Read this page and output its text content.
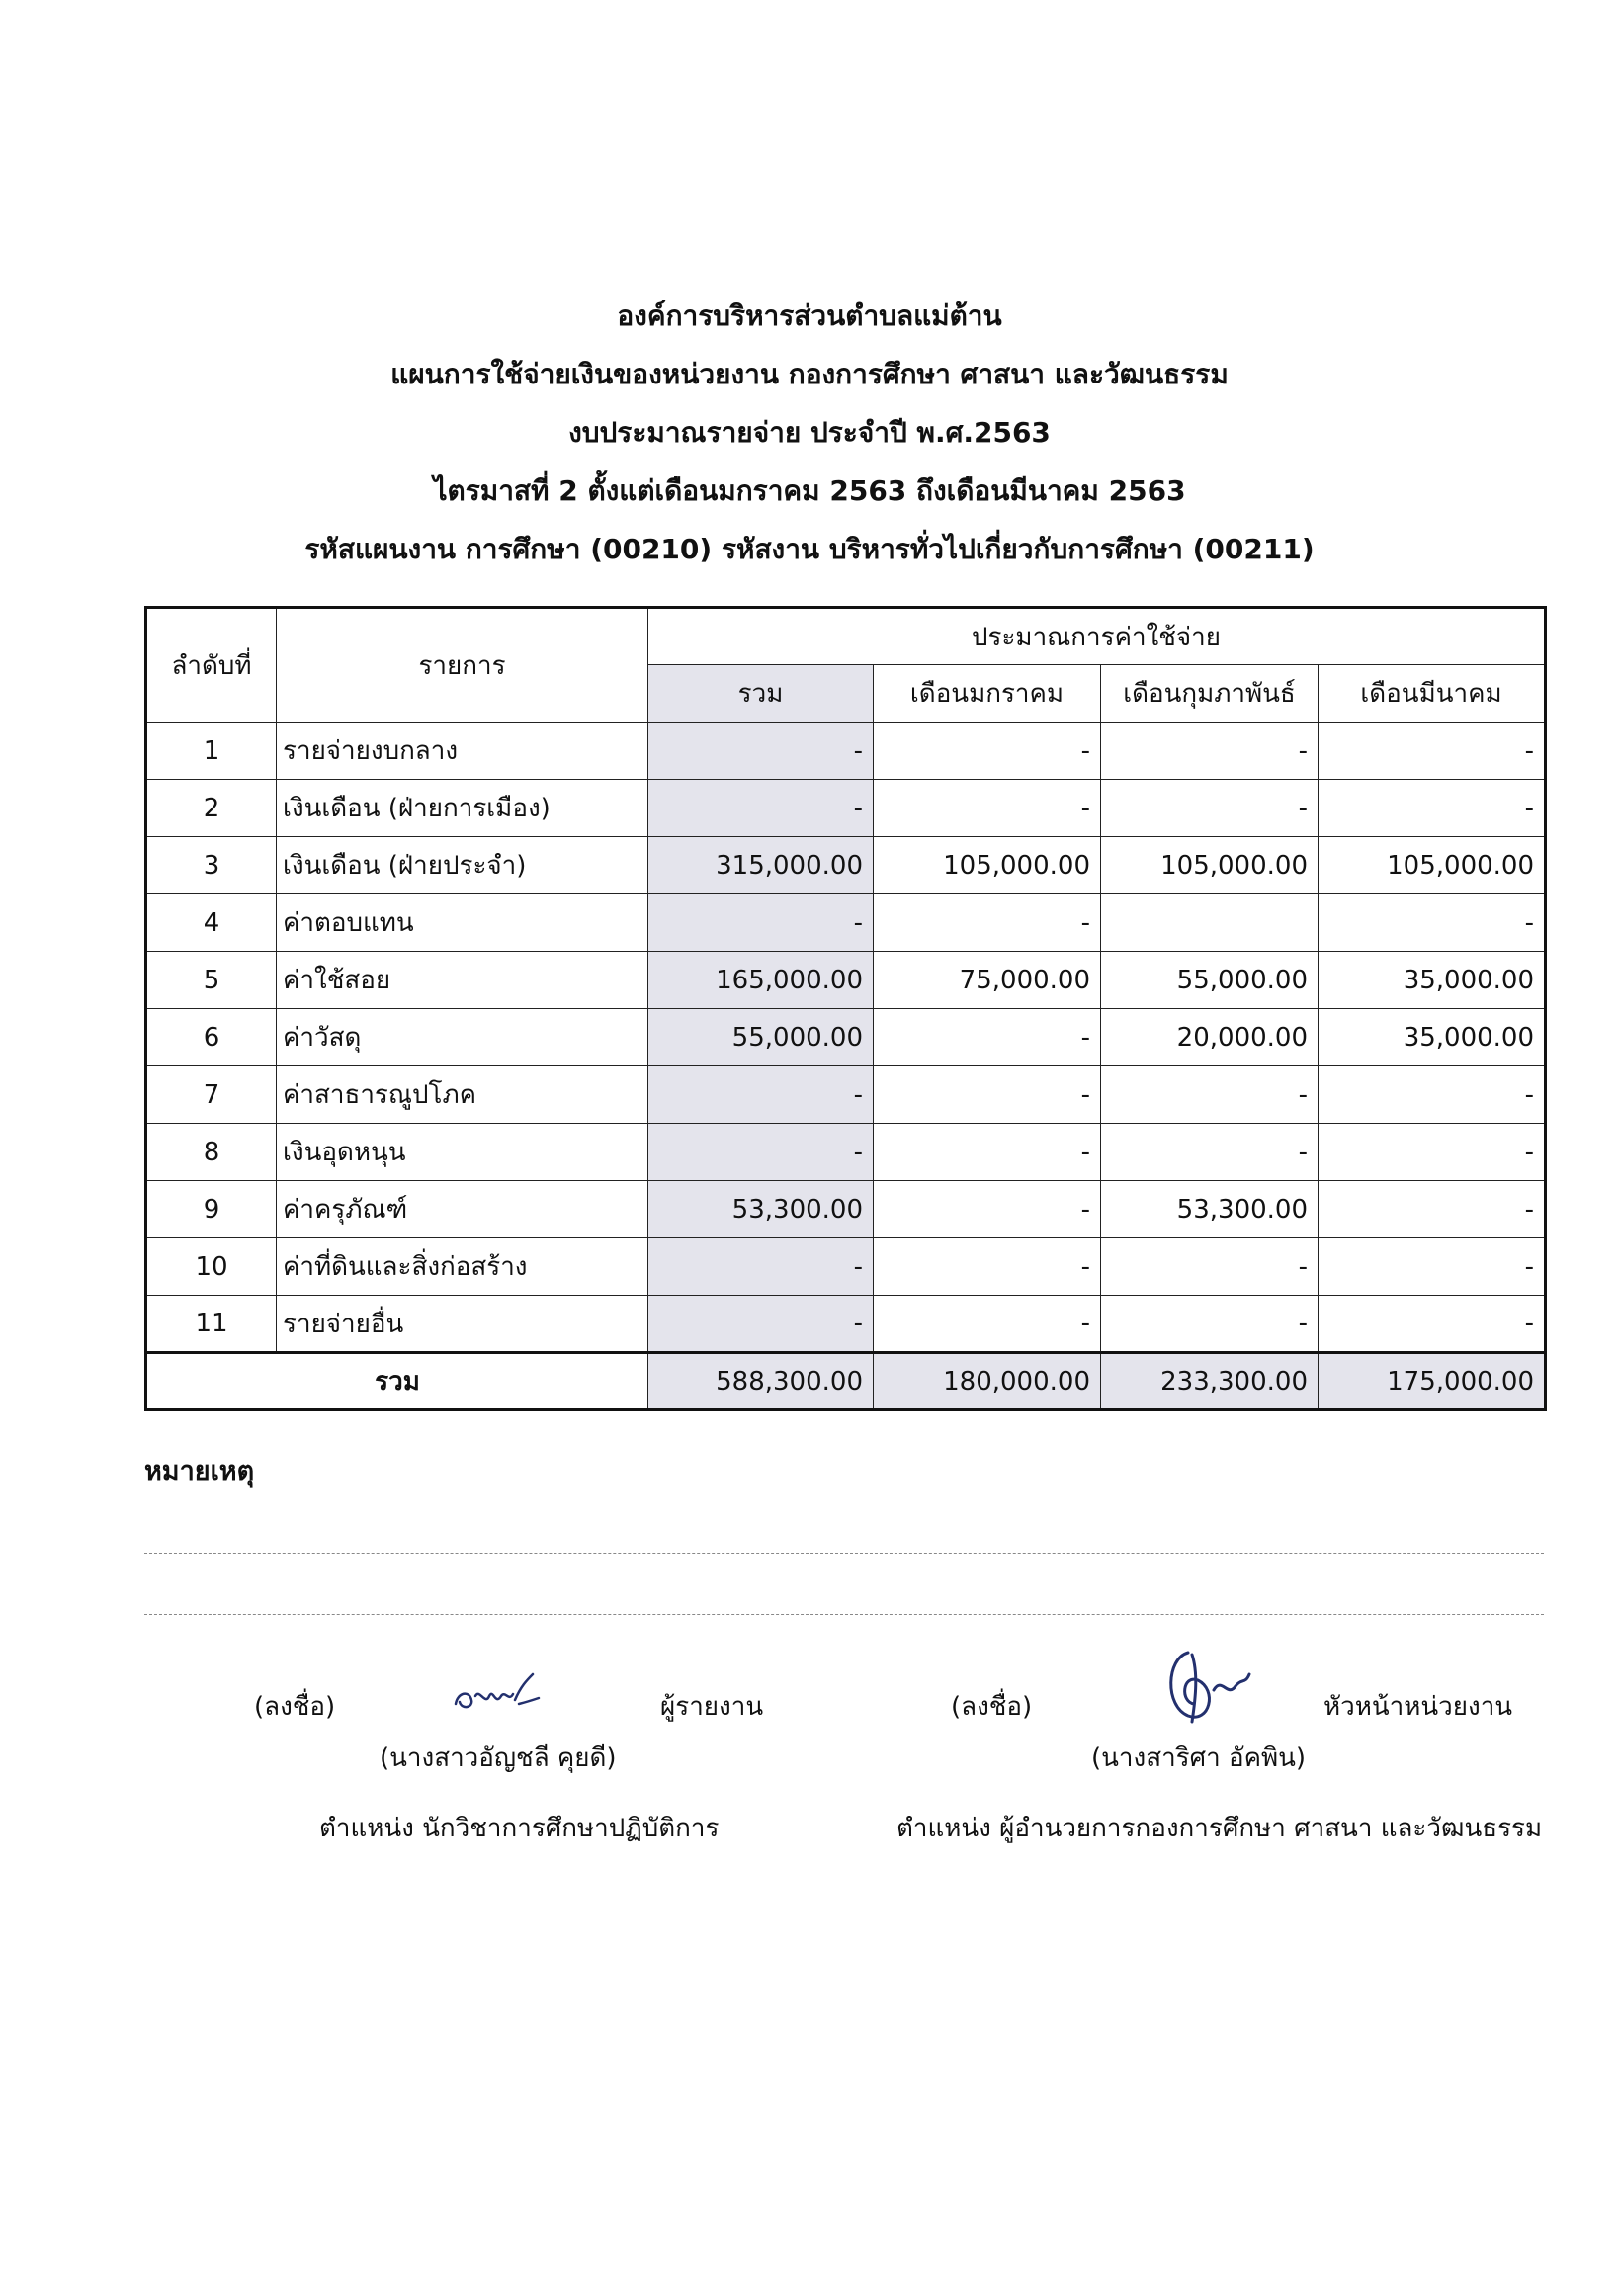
องค์การบริหารส่วนตำบลแม่ต้าน
แผนการใช้จ่ายเงินของหน่วยงาน กองการศึกษา ศาสนา และวัฒนธรรม
งบประมาณรายจ่าย ประจำปี พ.ศ.2563
ไตรมาสที่ 2 ตั้งแต่เดือนมกราคม 2563 ถึงเดือนมีนาคม 2563
รหัสแผนงาน การศึกษา (00210) รหัสงาน บริหารทั่วไปเกี่ยวกับการศึกษา (00211)
ลำดับที่	รายการ	ประมาณการค่าใช้จ่าย			
		รวม	เดือนมกราคม	เดือนกุมภาพันธ์	เดือนมีนาคม
1	รายจ่ายงบกลาง	-	-	-	-
2	เงินเดือน (ฝ่ายการเมือง)	-	-	-	-
3	เงินเดือน (ฝ่ายประจำ)	315,000.00	105,000.00	105,000.00	105,000.00
4	ค่าตอบแทน	-	-		-
5	ค่าใช้สอย	165,000.00	75,000.00	55,000.00	35,000.00
6	ค่าวัสดุ	55,000.00	-	20,000.00	35,000.00
7	ค่าสาธารณูปโภค	-	-	-	-
8	เงินอุดหนุน	-	-	-	-
9	ค่าครุภัณฑ์	53,300.00	-	53,300.00	-
10	ค่าที่ดินและสิ่งก่อสร้าง	-	-	-	-
11	รายจ่ายอื่น	-	-	-	-
รวม		588,300.00	180,000.00	233,300.00	175,000.00
หมายเหตุ
(ลงชื่อ)	ผู้รายงาน
(นางสาวอัญชลี คุยดี)
ตำแหน่ง นักวิชาการศึกษาปฏิบัติการ
(ลงชื่อ)	หัวหน้าหน่วยงาน
(นางสาริศา อัคพิน)
ตำแหน่ง ผู้อำนวยการกองการศึกษา ศาสนา และวัฒนธรรม
